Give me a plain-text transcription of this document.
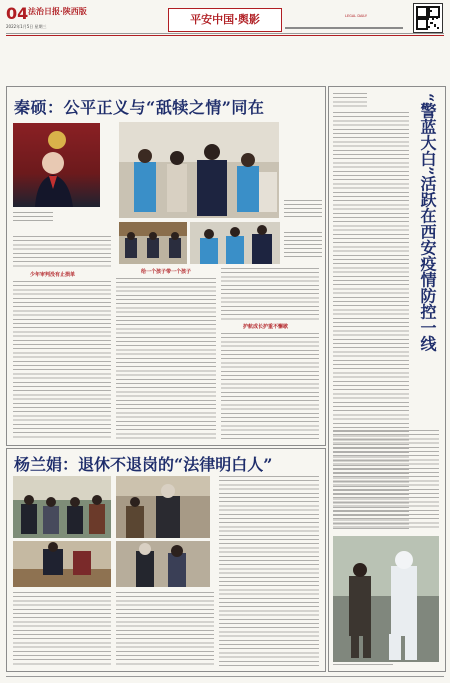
04 法治日报·陕西版
2022年1月5日 星期三
平安中国·舆影	LEGAL DAILY
秦硕：公平正义与“舐犊之情”同在
少年审判没有止损单	给一个孩子带一个孩子
护航成长护重不懈歇
杨兰娟：退休不退岗的“法律明白人”
“警蓝大白”活跃在西安疫情防控一线
